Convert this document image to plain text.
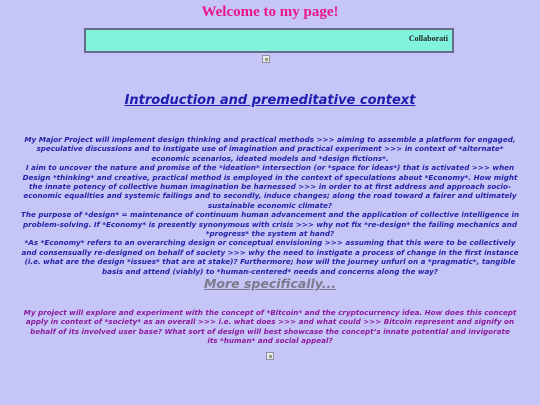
Welcome to my page!
Collaborati
Introduction and premeditative context

My Major Project will implement design thinking and practical methods >>> aiming to assemble a platform for engaged,
speculative discussions and to instigate use of imagination and practical experiment >>> in context of *alternate*
economic scenarios, ideated models and *design fictions*.
I aim to uncover the nature and promise of the *ideation* intersection (or *space for ideas*) that is activated >>> when
Design *thinking* and creative, practical method is employed in the context of speculations about *Economy*. How might
the innate potency of collective human imagination be harnessed >>> in order to at first address and approach socio-
economic equalities and systemic failings and to secondly, induce changes; along the road toward a fairer and ultimately
sustainable economic climate?
The purpose of *design* = maintenance of continuum human advancement and the application of collective intelligence in
problem-solving. If *Economy* is presently synonymous with crisis >>> why not fix *re-design* the failing mechanics and
*progress* the system at hand?
*As *Economy* refers to an overarching design or conceptual envisioning >>> assuming that this were to be collectively
and consensually re-designed on behalf of society >>> why the need to instigate a process of change in the first instance
(i.e. what are the design *issues* that are at stake)? Furthermore; how will the journey unfurl on a *pragmatic*, tangible
basis and attend (viably) to *human-centered* needs and concerns along the way?

More specifically...

My project will explore and experiment with the concept of *Bitcoin* and the cryptocurrency idea. How does this concept
apply in context of *society* as an overall >>> i.e. what does >>> and what could >>> Bitcoin represent and signify on
behalf of its involved user base? What sort of design will best showcase the concept’s innate potential and invigorate
its *human* and social appeal?
